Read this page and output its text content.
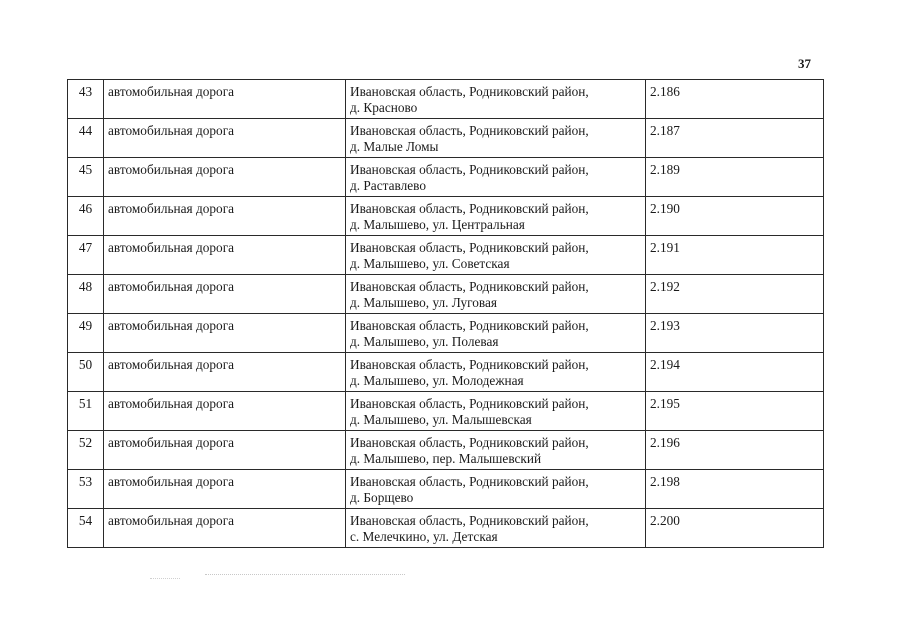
37
43	автомобильная дорога	Ивановская область, Родниковский район,
д. Красново	2.186
44	автомобильная дорога	Ивановская область, Родниковский район,
д. Малые Ломы	2.187
45	автомобильная дорога	Ивановская область, Родниковский район,
д. Раставлево	2.189
46	автомобильная дорога	Ивановская область, Родниковский район,
д. Малышево, ул. Центральная	2.190
47	автомобильная дорога	Ивановская область, Родниковский район,
д. Малышево, ул. Советская	2.191
48	автомобильная дорога	Ивановская область, Родниковский район,
д. Малышево, ул. Луговая	2.192
49	автомобильная дорога	Ивановская область, Родниковский район,
д. Малышево, ул. Полевая	2.193
50	автомобильная дорога	Ивановская область, Родниковский район,
д. Малышево, ул. Молодежная	2.194
51	автомобильная дорога	Ивановская область, Родниковский район,
д. Малышево, ул. Малышевская	2.195
52	автомобильная дорога	Ивановская область, Родниковский район,
д. Малышево, пер. Малышевский	2.196
53	автомобильная дорога	Ивановская область, Родниковский район,
д. Борщево	2.198
54	автомобильная дорога	Ивановская область, Родниковский район,
с. Мелечкино, ул. Детская	2.200
